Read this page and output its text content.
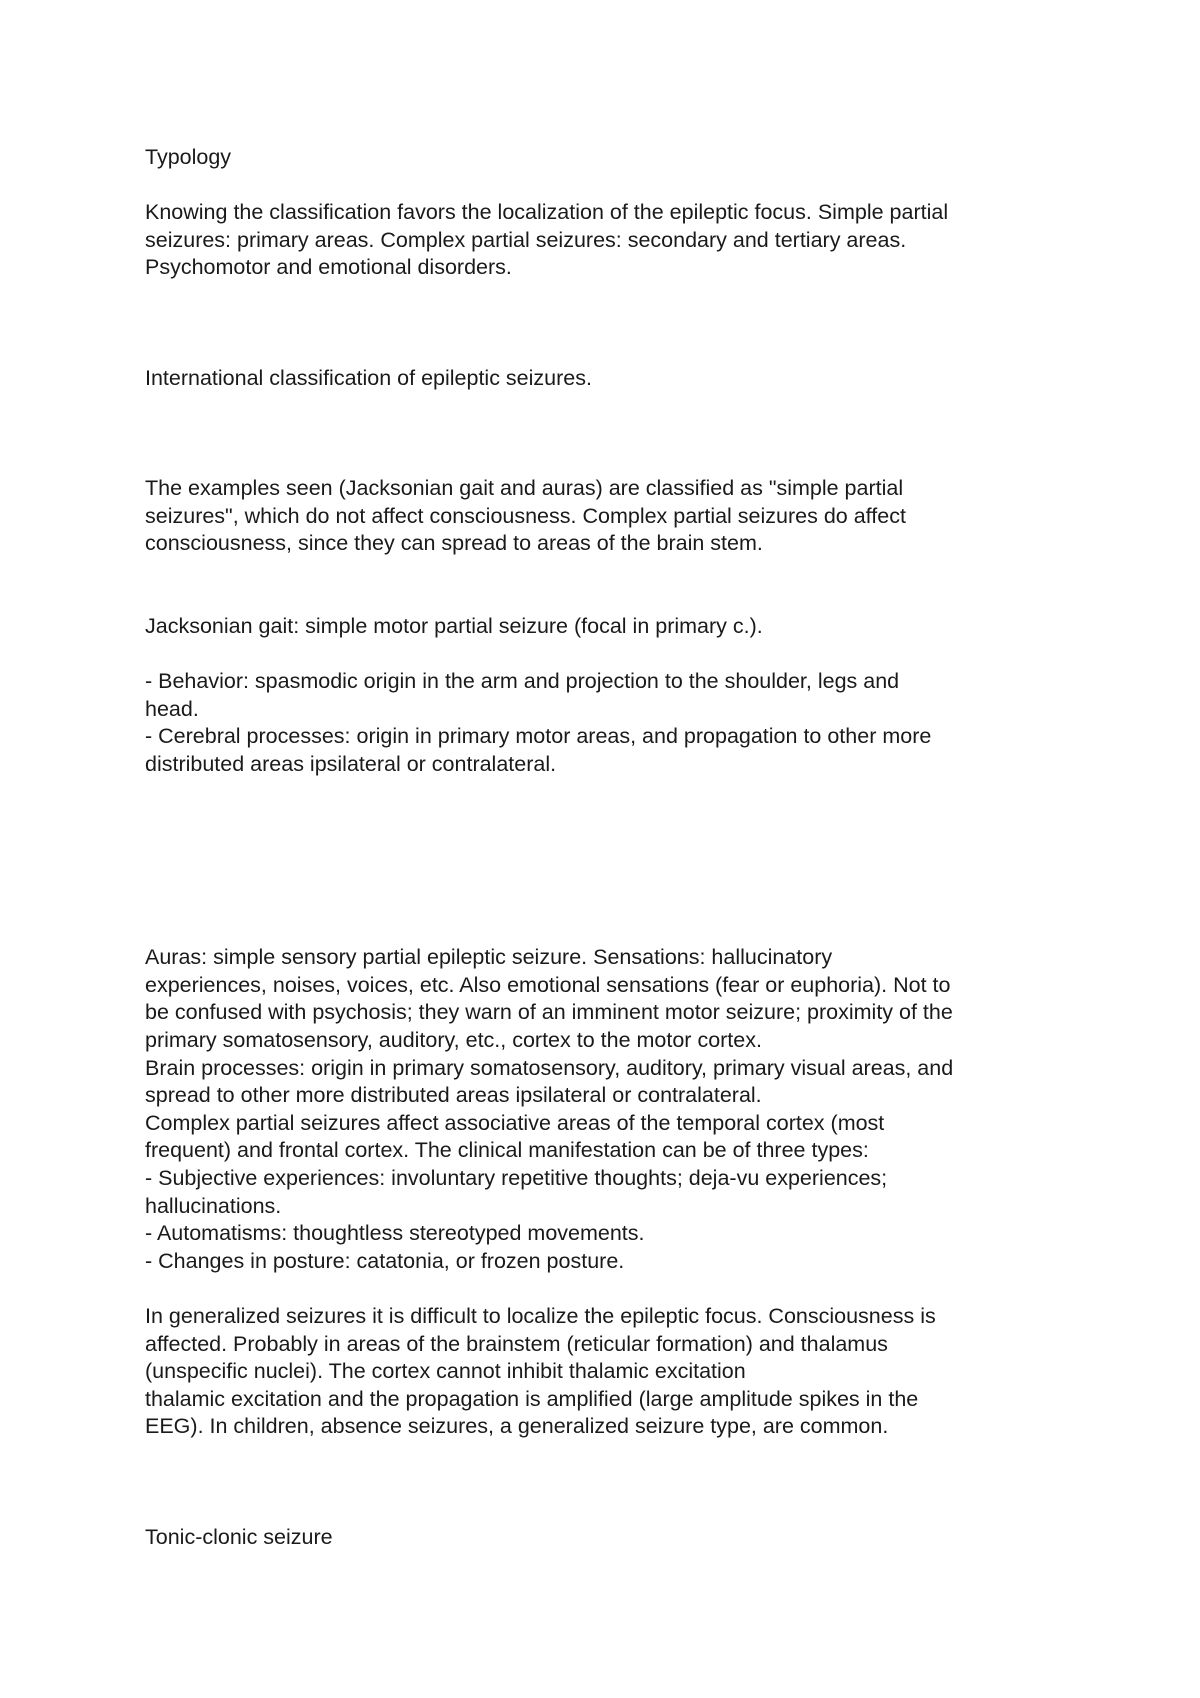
Typology
Knowing the classification favors the localization of the epileptic focus. Simple partial
seizures: primary areas. Complex partial seizures: secondary and tertiary areas.
Psychomotor and emotional disorders.
International classification of epileptic seizures.
The examples seen (Jacksonian gait and auras) are classified as "simple partial
seizures", which do not affect consciousness. Complex partial seizures do affect
consciousness, since they can spread to areas of the brain stem.
Jacksonian gait: simple motor partial seizure (focal in primary c.).
- Behavior: spasmodic origin in the arm and projection to the shoulder, legs and
head.
- Cerebral processes: origin in primary motor areas, and propagation to other more
distributed areas ipsilateral or contralateral.
Auras: simple sensory partial epileptic seizure. Sensations: hallucinatory
experiences, noises, voices, etc. Also emotional sensations (fear or euphoria). Not to
be confused with psychosis; they warn of an imminent motor seizure; proximity of the
primary somatosensory, auditory, etc., cortex to the motor cortex.
Brain processes: origin in primary somatosensory, auditory, primary visual areas, and
spread to other more distributed areas ipsilateral or contralateral.
Complex partial seizures affect associative areas of the temporal cortex (most
frequent) and frontal cortex. The clinical manifestation can be of three types:
- Subjective experiences: involuntary repetitive thoughts; deja-vu experiences;
hallucinations.
- Automatisms: thoughtless stereotyped movements.
- Changes in posture: catatonia, or frozen posture.
In generalized seizures it is difficult to localize the epileptic focus. Consciousness is
affected. Probably in areas of the brainstem (reticular formation) and thalamus
(unspecific nuclei). The cortex cannot inhibit thalamic excitation
thalamic excitation and the propagation is amplified (large amplitude spikes in the
EEG). In children, absence seizures, a generalized seizure type, are common.
Tonic-clonic seizure
